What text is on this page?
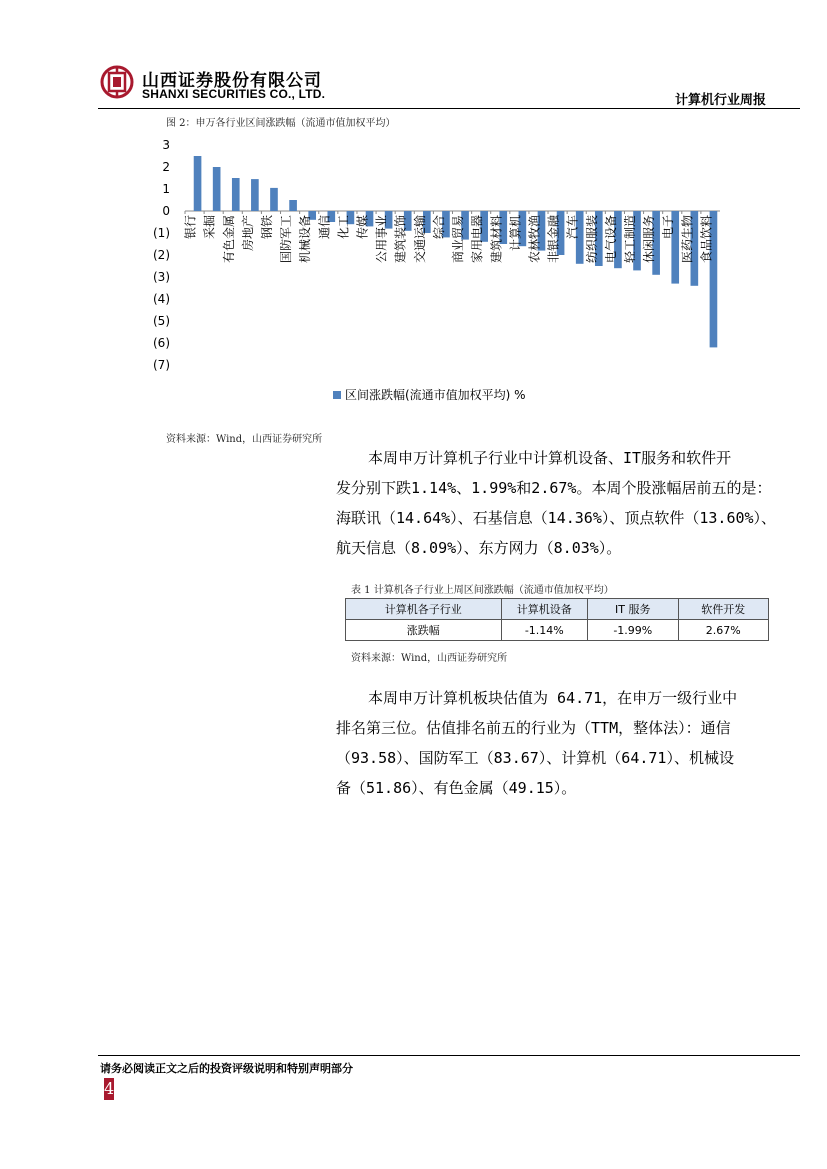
山西证券股份有限公司
SHANXI SECURITIES CO., LTD.	计算机行业周报
图 2：申万各行业区间涨跌幅（流通市值加权平均）
3
2
1
0
(1)
(2)
(3)
(4)
(5)
(6)
(7)
银行 采掘 有色金属 房地产 钢铁 国防军工 机械设备 通信 化工 传媒 公用事业 建筑装饰 交通运输 综合 商业贸易 家用电器 建筑材料 计算机 农林牧渔 非银金融 汽车 纺织服装 电气设备 轻工制造 休闲服务 电子 医药生物 食品饮料
区间涨跌幅(流通市值加权平均) %
资料来源：Wind，山西证券研究所

本周申万计算机子行业中计算机设备、IT服务和软件开

发分别下跌1.14%、1.99%和2.67%。本周个股涨幅居前五的是：

海联讯（14.64%）、石基信息（14.36%）、顶点软件（13.60%）、

航天信息（8.09%）、东方网力（8.03%）。

表 1 计算机各子行业上周区间涨跌幅（流通市值加权平均）
计算机各子行业	计算机设备	IT 服务	软件开发
涨跌幅	-1.14%	-1.99%	2.67%
资料来源：Wind，山西证券研究所

本周申万计算机板块估值为 64.71，在申万一级行业中

排名第三位。估值排名前五的行业为（TTM，整体法）：通信

（93.58）、国防军工（83.67）、计算机（64.71）、机械设

备（51.86）、有色金属（49.15）。

请务必阅读正文之后的投资评级说明和特别声明部分
4
